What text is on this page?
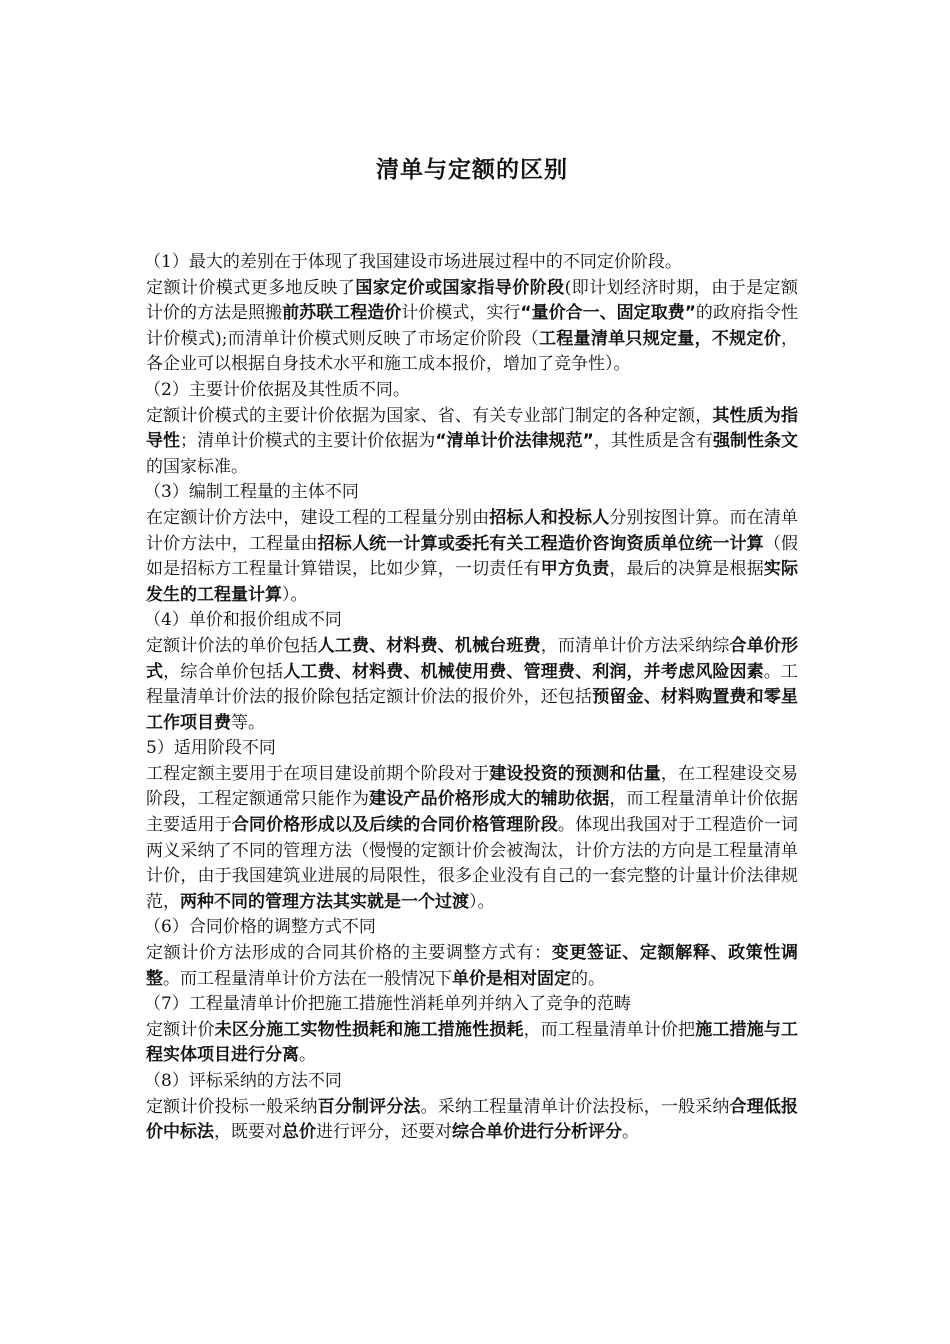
清单与定额的区别

（1）最大的差别在于体现了我国建设市场进展过程中的不同定价阶段。

定额计价模式更多地反映了国家定价或国家指导价阶段(即计划经济时期，由于是定额计价的方法是照搬前苏联工程造价计价模式，实行“量价合一、固定取费”的政府指令性计价模式);而清单计价模式则反映了市场定价阶段（工程量清单只规定量，不规定价，各企业可以根据自身技术水平和施工成本报价，增加了竞争性）。

（2）主要计价依据及其性质不同。

定额计价模式的主要计价依据为国家、省、有关专业部门制定的各种定额，其性质为指导性；清单计价模式的主要计价依据为“清单计价法律规范”，其性质是含有强制性条文的国家标准。

（3）编制工程量的主体不同

在定额计价方法中，建设工程的工程量分别由招标人和投标人分别按图计算。而在清单计价方法中，工程量由招标人统一计算或委托有关工程造价咨询资质单位统一计算（假如是招标方工程量计算错误，比如少算，一切责任有甲方负责，最后的决算是根据实际发生的工程量计算）。

（4）单价和报价组成不同

定额计价法的单价包括人工费、材料费、机械台班费，而清单计价方法采纳综合单价形式，综合单价包括人工费、材料费、机械使用费、管理费、利润，并考虑风险因素。工程量清单计价法的报价除包括定额计价法的报价外，还包括预留金、材料购置费和零星工作项目费等。

5）适用阶段不同

工程定额主要用于在项目建设前期个阶段对于建设投资的预测和估量，在工程建设交易阶段，工程定额通常只能作为建设产品价格形成大的辅助依据，而工程量清单计价依据主要适用于合同价格形成以及后续的合同价格管理阶段。体现出我国对于工程造价一词两义采纳了不同的管理方法（慢慢的定额计价会被淘汰，计价方法的方向是工程量清单计价，由于我国建筑业进展的局限性，很多企业没有自己的一套完整的计量计价法律规范，两种不同的管理方法其实就是一个过渡）。

（6）合同价格的调整方式不同

定额计价方法形成的合同其价格的主要调整方式有：变更签证、定额解释、政策性调整。而工程量清单计价方法在一般情况下单价是相对固定的。

（7）工程量清单计价把施工措施性消耗单列并纳入了竞争的范畴

定额计价未区分施工实物性损耗和施工措施性损耗，而工程量清单计价把施工措施与工程实体项目进行分离。

（8）评标采纳的方法不同

定额计价投标一般采纳百分制评分法。采纳工程量清单计价法投标，一般采纳合理低报价中标法，既要对总价进行评分，还要对综合单价进行分析评分。
